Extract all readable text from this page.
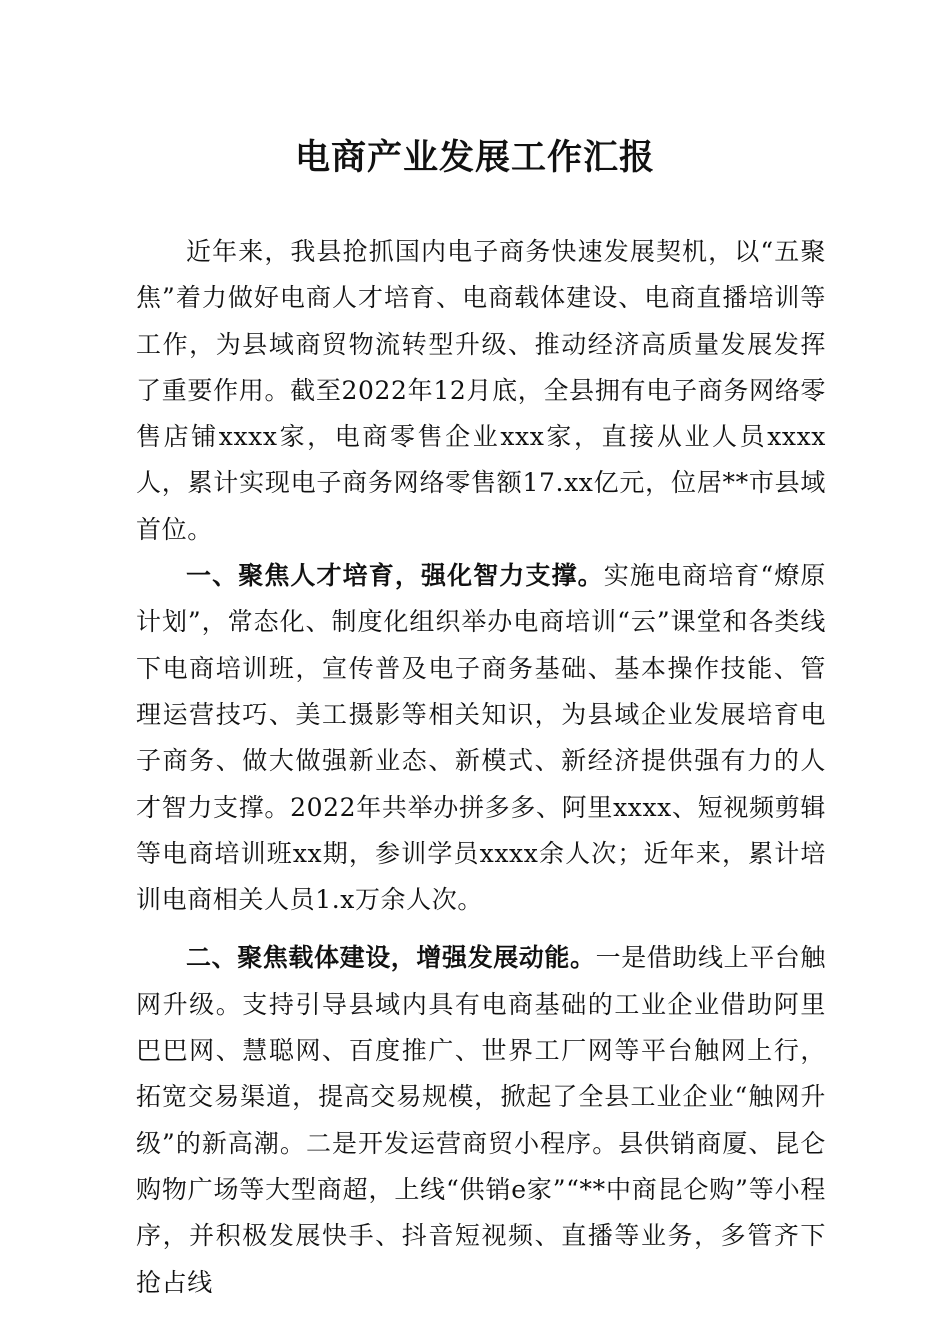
电商产业发展工作汇报

近年来，我县抢抓国内电子商务快速发展契机，以“五聚焦”着力做好电商人才培育、电商载体建设、电商直播培训等工作，为县域商贸物流转型升级、推动经济高质量发展发挥了重要作用。截至2022年12月底，全县拥有电子商务网络零售店铺xxxx家，电商零售企业xxx家，直接从业人员xxxx人，累计实现电子商务网络零售额17.xx亿元，位居**市县域首位。

一、聚焦人才培育，强化智力支撑。实施电商培育“燎原计划”，常态化、制度化组织举办电商培训“云”课堂和各类线下电商培训班，宣传普及电子商务基础、基本操作技能、管理运营技巧、美工摄影等相关知识，为县域企业发展培育电子商务、做大做强新业态、新模式、新经济提供强有力的人才智力支撑。2022年共举办拼多多、阿里xxxx、短视频剪辑等电商培训班xx期，参训学员xxxx余人次；近年来，累计培训电商相关人员1.x万余人次。

二、聚焦载体建设，增强发展动能。一是借助线上平台触网升级。支持引导县域内具有电商基础的工业企业借助阿里巴巴网、慧聪网、百度推广、世界工厂网等平台触网上行，拓宽交易渠道，提高交易规模，掀起了全县工业企业“触网升级”的新高潮。二是开发运营商贸小程序。县供销商厦、昆仑购物广场等大型商超，上线“供销e家”“**中商昆仑购”等小程序，并积极发展快手、抖音短视频、直播等业务，多管齐下抢占线
